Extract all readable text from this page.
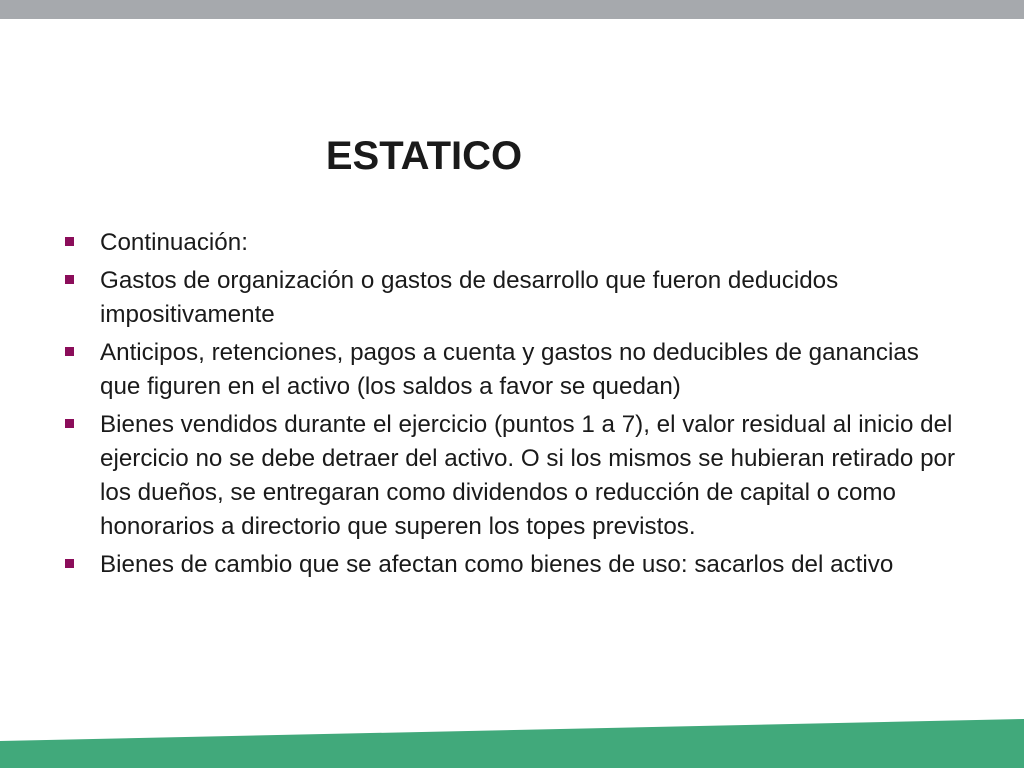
ESTATICO
Continuación:
Gastos de organización o gastos de desarrollo que fueron deducidos impositivamente
Anticipos, retenciones, pagos a cuenta y gastos no deducibles de ganancias que figuren en el activo (los saldos a favor se quedan)
Bienes vendidos durante el ejercicio (puntos 1 a 7), el valor residual al inicio del ejercicio no se debe detraer del activo. O si los mismos se hubieran retirado por los dueños, se entregaran como dividendos o reducción de capital o como honorarios a directorio que superen los topes previstos.
Bienes de cambio que se afectan como bienes de uso: sacarlos del activo
